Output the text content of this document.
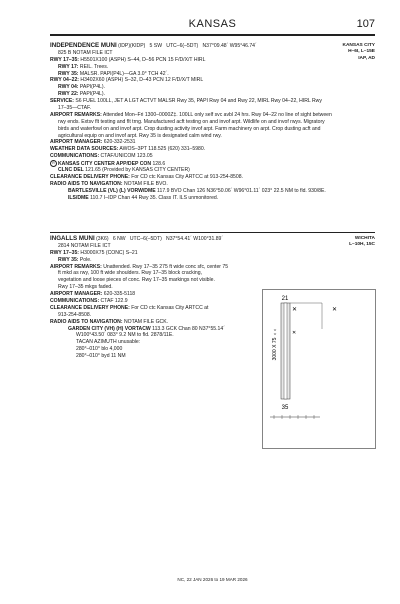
KANSAS	107
KANSAS CITY
H–6I, L–15E
IAP, AD
INDEPENDENCE MUNI (IDP)(KIDP) 5 SW UTC–6(–5DT) N37°09.48´ W95°46.74´
825 B NOTAM FILE ICT
RWY 17–35: H5501X100 (ASPH) S–44, D–56 PCN 15 F/D/X/T HIRL
RWY 17: REIL. Trees.
RWY 35: MALSR. PAPI(P4L)—GA 3.0° TCH 42´.
RWY 04–22: H3402X60 (ASPH) S–32, D–43 PCN 12 F/D/X/T MIRL
RWY 04: PAPI(P4L).
RWY 22: PAPI(P4L).
SERVICE: S6 FUEL 100LL, JET A LGT ACTVT MALSR Rwy 35, PAPI Rwy 04 and Rwy 22, MIRL Rwy 04–22, HIRL Rwy
17–35—CTAF.
AIRPORT REMARKS: Attended Mon–Fri 1300–0000Z‡. 100LL only self svc avbl 24 hrs. Rwy 04–22 no line of sight between
rwy ends. Extsv flt testing and flt trng. Manufactured acft testing on and invof arpt. Wildlife on and invof rwys. Migratory
birds and waterfowl on and invof arpt. Crop dusting activity invof arpt. Farm machinery on arpt. Crop dusting acft and
agricultural equip on and invof arpt. Rwy 35 is designated calm wind rwy.
AIRPORT MANAGER: 620-332-2531
WEATHER DATA SOURCES: AWOS–3PT 118.525 (620) 331–5980.
COMMUNICATIONS: CTAF/UNICOM 123.05
R KANSAS CITY CENTER APP/DEP CON 128.6
CLNC DEL 121.65 (Provided by KANSAS CITY CENTER)
CLEARANCE DELIVERY PHONE: For CD ctc Kansas City ARTCC at 913-254-8508.
RADIO AIDS TO NAVIGATION: NOTAM FILE BVO.
BARTLESVILLE (VL) (L) VORW/DME 117.9 BVO Chan 126 N36°50.06´ W96°01.11´ 023° 22.5 NM to fld. 930/8E.
ILS/DME 110.7 I–IDP Chan 44 Rwy 35. Class IT. ILS unmonitored.
WICHITA
L–10H, 15C
INGALLS MUNI (3K6) 6 NW UTC–6(–5DT) N37°54.41´ W100°31.89´
2814 NOTAM FILE ICT
RWY 17–35: H3000X75 (CONC) S–21
RWY 35: Pole.
AIRPORT REMARKS: Unattended. Rwy 17–35 275 ft wide conc sfc, center 75
ft mkd as rwy, 100 ft wide shoulders. Rwy 17–35 block cracking,
vegetation and loose pieces of conc. Rwy 17–35 markings not visible.
Rwy 17–35 mkgs faded.
AIRPORT MANAGER: 620-335-5118
COMMUNICATIONS: CTAF 122.9
CLEARANCE DELIVERY PHONE: For CD ctc Kansas City ARTCC at
913-254-8508.
RADIO AIDS TO NAVIGATION: NOTAM FILE GCK.
GARDEN CITY (VH) (H) VORTACW 113.3 GCK Chan 80 N37°55.14´
W100°43.50´ 083° 9.2 NM to fld. 2878/11E.
TACAN AZIMUTH unusable:
280°–010° blo 4,000
280°–010° byd 11 NM
✕
✕
✕
21
35
3000 X 75
NC, 22 JAN 2026 to 19 MAR 2026
